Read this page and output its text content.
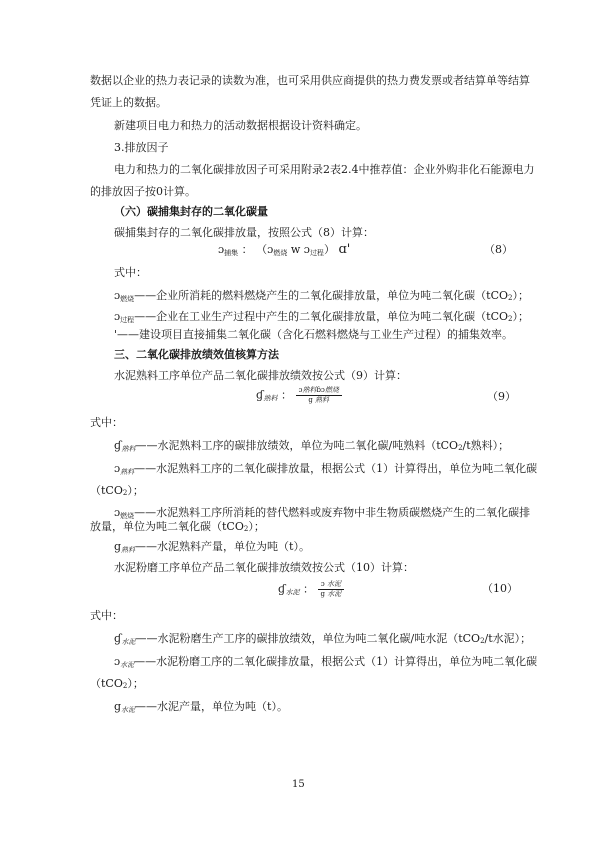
数据以企业的热力表记录的读数为准，也可采用供应商提供的热力费发票或者结算单等结算
凭证上的数据。
新建项目电力和热力的活动数据根据设计资料确定。
3.排放因子
电力和热力的二氧化碳排放因子可采用附录2表2.4中推荐值：企业外购非化石能源电力
的排放因子按0计算。
（六）碳捕集封存的二氧化碳量
碳捕集封存的二氧化碳排放量，按照公式（8）计算：
ɔ$_{捕集}$ ： （ɔ$_{燃烧}$ w ɔ$_{过程}$） ɑ'	（8）
式中：
ɔ$_{燃烧}$——企业所消耗的燃料燃烧产生的二氧化碳排放量，单位为吨二氧化碳（tCO2）；
ɔ$_{过程}$——企业在工业生产过程中产生的二氧化碳排放量，单位为吨二氧化碳（tCO2）；
'——建设项目直接捕集二氧化碳（含化石燃料燃烧与工业生产过程）的捕集效率。
三、二氧化碳排放绩效值核算方法
水泥熟料工序单位产品二氧化碳排放绩效按公式（9）计算：
ɠ$_{熟料}$ ： $\frac{\text{ɔ熟料ɓɔ燃烧}}{\text{g 熟料}}$	（9）
式中：
ɠ$_{熟料}$——水泥熟料工序的碳排放绩效，单位为吨二氧化碳/吨熟料（tCO2/t熟料）；
ɔ$_{熟料}$——水泥熟料工序的二氧化碳排放量，根据公式（1）计算得出，单位为吨二氧化碳
（tCO2）；
ɔ$_{燃烧}$——水泥熟料工序所消耗的替代燃料或废弃物中非生物质碳燃烧产生的二氧化碳排
放量，单位为吨二氧化碳（tCO2）；
$g_{熟料}——$水泥熟料产量，单位为吨（t）。
水泥粉磨工序单位产品二氧化碳排放绩效按公式（10）计算：
ɠ$_{水泥}$ ： $\frac{\text{ɔ 水泥}}{\text{g 水泥}}$	（10）
式中：
ɠ$_{水泥}$——水泥粉磨生产工序的碳排放绩效，单位为吨二氧化碳/吨水泥（tCO2/t水泥）；
ɔ$_{水泥}$——水泥粉磨工序的二氧化碳排放量，根据公式（1）计算得出，单位为吨二氧化碳
（tCO2）；
$g_{水泥}——$水泥产量，单位为吨（t）。
15
